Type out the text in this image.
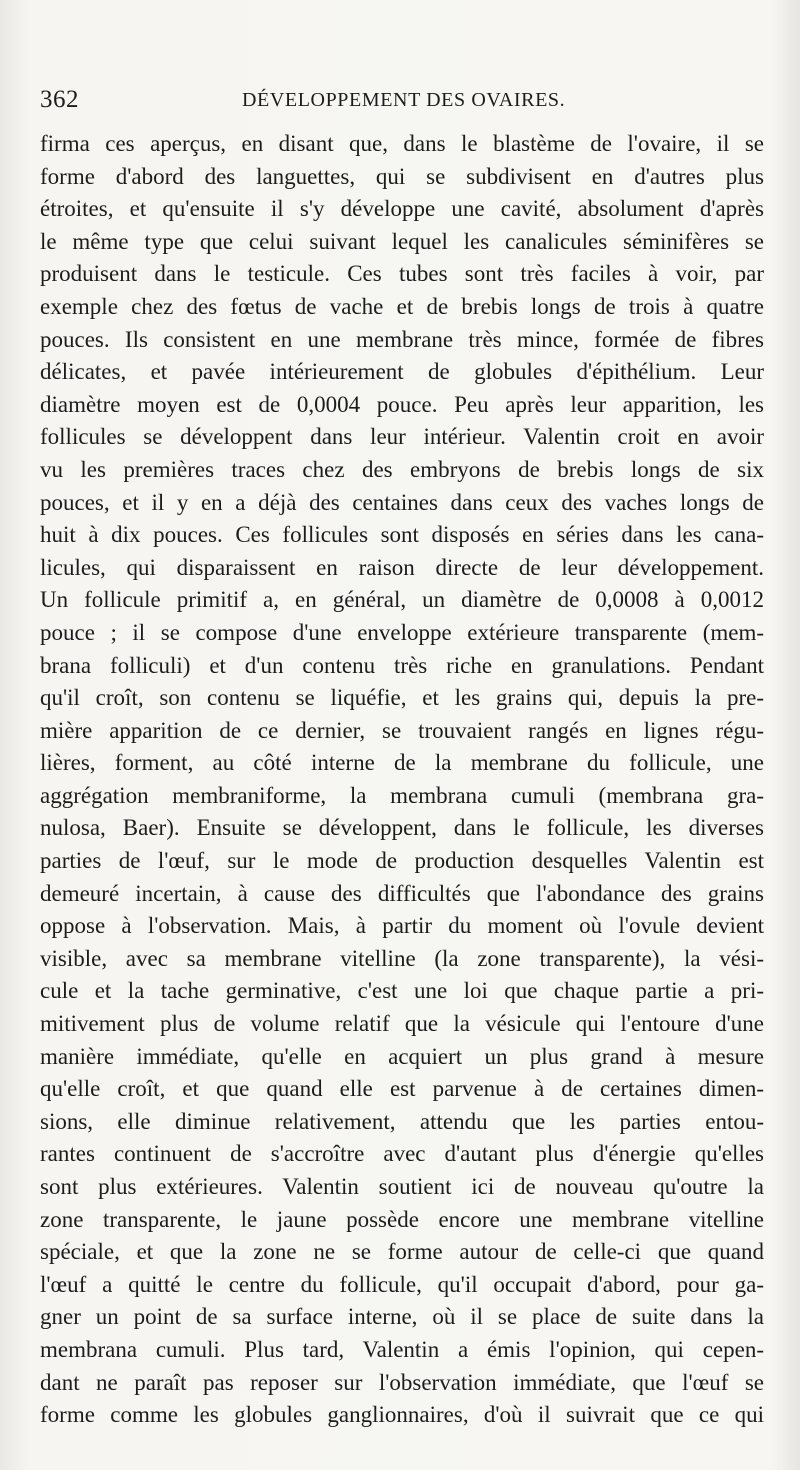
362	DÉVELOPPEMENT DES OVAIRES.
firma ces aperçus, en disant que, dans le blastème de l'ovaire, il se
forme d'abord des languettes, qui se subdivisent en d'autres plus
étroites, et qu'ensuite il s'y développe une cavité, absolument d'après
le même type que celui suivant lequel les canalicules séminifères se
produisent dans le testicule. Ces tubes sont très faciles à voir, par
exemple chez des fœtus de vache et de brebis longs de trois à quatre
pouces. Ils consistent en une membrane très mince, formée de fibres
délicates, et pavée intérieurement de globules d'épithélium. Leur
diamètre moyen est de 0,0004 pouce. Peu après leur apparition, les
follicules se développent dans leur intérieur. Valentin croit en avoir
vu les premières traces chez des embryons de brebis longs de six
pouces, et il y en a déjà des centaines dans ceux des vaches longs de
huit à dix pouces. Ces follicules sont disposés en séries dans les cana-
licules, qui disparaissent en raison directe de leur développement.
Un follicule primitif a, en général, un diamètre de 0,0008 à 0,0012
pouce ; il se compose d'une enveloppe extérieure transparente (mem-
brana folliculi) et d'un contenu très riche en granulations. Pendant
qu'il croît, son contenu se liquéfie, et les grains qui, depuis la pre-
mière apparition de ce dernier, se trouvaient rangés en lignes régu-
lières, forment, au côté interne de la membrane du follicule, une
aggrégation membraniforme, la membrana cumuli (membrana gra-
nulosa, Baer). Ensuite se développent, dans le follicule, les diverses
parties de l'œuf, sur le mode de production desquelles Valentin est
demeuré incertain, à cause des difficultés que l'abondance des grains
oppose à l'observation. Mais, à partir du moment où l'ovule devient
visible, avec sa membrane vitelline (la zone transparente), la vési-
cule et la tache germinative, c'est une loi que chaque partie a pri-
mitivement plus de volume relatif que la vésicule qui l'entoure d'une
manière immédiate, qu'elle en acquiert un plus grand à mesure
qu'elle croît, et que quand elle est parvenue à de certaines dimen-
sions, elle diminue relativement, attendu que les parties entou-
rantes continuent de s'accroître avec d'autant plus d'énergie qu'elles
sont plus extérieures. Valentin soutient ici de nouveau qu'outre la
zone transparente, le jaune possède encore une membrane vitelline
spéciale, et que la zone ne se forme autour de celle-ci que quand
l'œuf a quitté le centre du follicule, qu'il occupait d'abord, pour ga-
gner un point de sa surface interne, où il se place de suite dans la
membrana cumuli. Plus tard, Valentin a émis l'opinion, qui cepen-
dant ne paraît pas reposer sur l'observation immédiate, que l'œuf se
forme comme les globules ganglionnaires, d'où il suivrait que ce qui
